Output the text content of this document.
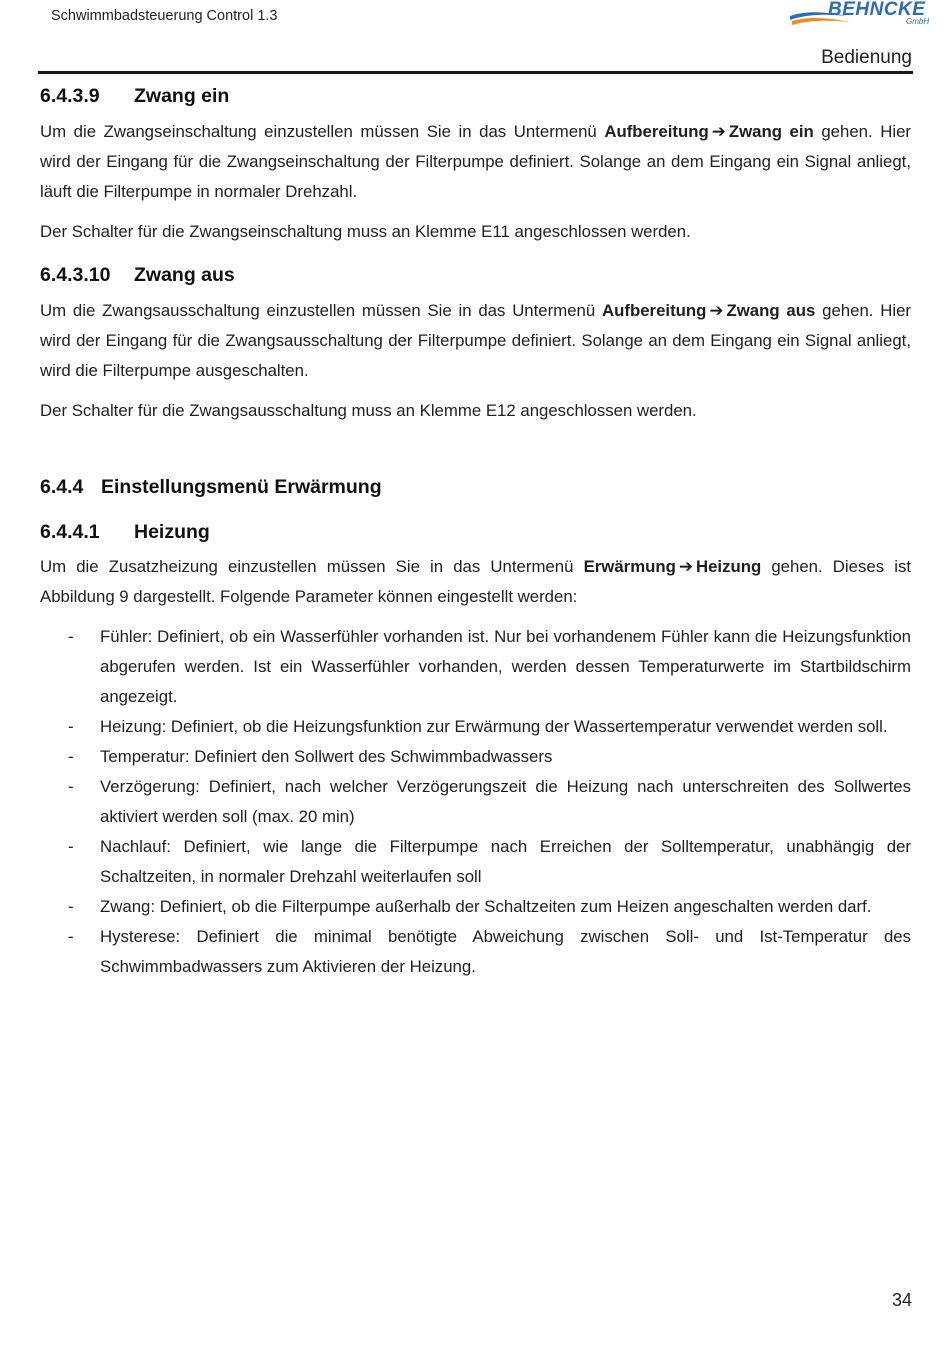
Schwimmbadsteuerung Control 1.3	BEHNCKE
GmbH
Bedienung
6.4.3.9	Zwang ein

Um die Zwangseinschaltung einzustellen müssen Sie in das Untermenü Aufbereitung ➔ Zwang ein gehen. Hier wird der Eingang für die Zwangseinschaltung der Filterpumpe definiert. Solange an dem Eingang ein Signal anliegt, läuft die Filterpumpe in normaler Drehzahl.

Der Schalter für die Zwangseinschaltung muss an Klemme E11 angeschlossen werden.

6.4.3.10	Zwang aus

Um die Zwangsausschaltung einzustellen müssen Sie in das Untermenü Aufbereitung ➔ Zwang aus gehen. Hier wird der Eingang für die Zwangsausschaltung der Filterpumpe definiert. Solange an dem Eingang ein Signal anliegt, wird die Filterpumpe ausgeschalten.

Der Schalter für die Zwangsausschaltung muss an Klemme E12 angeschlossen werden.

6.4.4 Einstellungsmenü Erwärmung
6.4.4.1	Heizung

Um die Zusatzheizung einzustellen müssen Sie in das Untermenü Erwärmung ➔ Heizung gehen. Dieses ist Abbildung 9 dargestellt. Folgende Parameter können eingestellt werden:

- Fühler: Definiert, ob ein Wasserfühler vorhanden ist. Nur bei vorhandenem Fühler kann die Heizungsfunktion abgerufen werden. Ist ein Wasserfühler vorhanden, werden dessen Temperaturwerte im Startbildschirm angezeigt.
- Heizung: Definiert, ob die Heizungsfunktion zur Erwärmung der Wassertemperatur verwendet werden soll.
- Temperatur: Definiert den Sollwert des Schwimmbadwassers
- Verzögerung: Definiert, nach welcher Verzögerungszeit die Heizung nach unterschreiten des Sollwertes aktiviert werden soll (max. 20 min)
- Nachlauf: Definiert, wie lange die Filterpumpe nach Erreichen der Solltemperatur, unabhängig der Schaltzeiten, in normaler Drehzahl weiterlaufen soll
- Zwang: Definiert, ob die Filterpumpe außerhalb der Schaltzeiten zum Heizen angeschalten werden darf.
- Hysterese: Definiert die minimal benötigte Abweichung zwischen Soll- und Ist-Temperatur des Schwimmbadwassers zum Aktivieren der Heizung.
34
